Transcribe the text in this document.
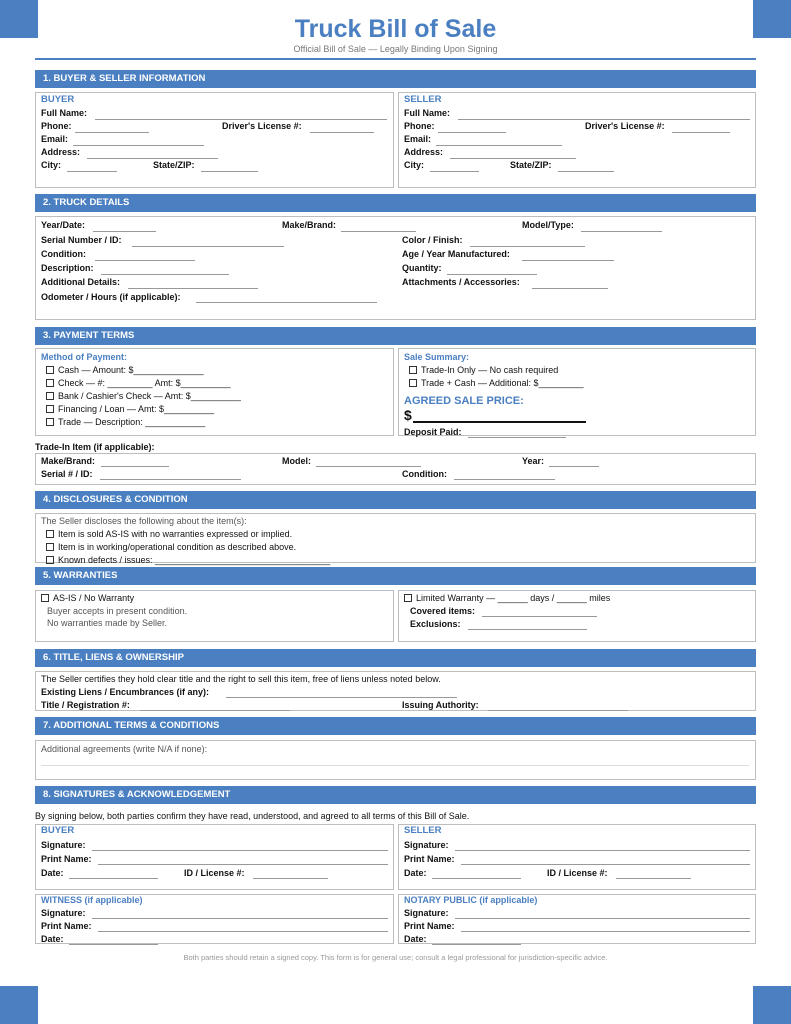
Truck Bill of Sale
Official Bill of Sale — Legally Binding Upon Signing
1. BUYER & SELLER INFORMATION
BUYER
Full Name:
Phone:	Driver's License #:
Email:
Address:
City:	State/ZIP:
SELLER
Full Name:
Phone:	Driver's License #:
Email:
Address:
City:	State/ZIP:
2. TRUCK DETAILS
Year/Date:	Make/Brand:	Model/Type:
Serial Number / ID:	Color / Finish:
Condition:	Age / Year Manufactured:
Description:	Quantity:
Additional Details:	Attachments / Accessories:
Odometer / Hours (if applicable):
3. PAYMENT TERMS
Method of Payment:
Cash — Amount: $______________
Check — #: _________ Amt: $__________
Bank / Cashier's Check — Amt: $__________
Financing / Loan — Amt: $__________
Trade — Description: ____________
Sale Summary:
Trade-In Only — No cash required
Trade + Cash — Additional: $_________
AGREED SALE PRICE:
$
Deposit Paid:
Trade-In Item (if applicable):
Make/Brand:	Model:	Year:
Serial # / ID:	Condition:
4. DISCLOSURES & CONDITION
The Seller discloses the following about the item(s):
Item is sold AS-IS with no warranties expressed or implied.
Item is in working/operational condition as described above.
Known defects / issues: ___________________________________
5. WARRANTIES
AS-IS / No Warranty
Buyer accepts in present condition.
No warranties made by Seller.
Limited Warranty — ______ days / ______ miles
Covered items:
Exclusions:
6. TITLE, LIENS & OWNERSHIP
The Seller certifies they hold clear title and the right to sell this item, free of liens unless noted below.
Existing Liens / Encumbrances (if any):
Title / Registration #:	Issuing Authority:
7. ADDITIONAL TERMS & CONDITIONS
Additional agreements (write N/A if none):
8. SIGNATURES & ACKNOWLEDGEMENT
By signing below, both parties confirm they have read, understood, and agreed to all terms of this Bill of Sale.
BUYER
Signature:
Print Name:
Date:	ID / License #:
SELLER
Signature:
Print Name:
Date:	ID / License #:
WITNESS (if applicable)
Signature:
Print Name:
Date:
NOTARY PUBLIC (if applicable)
Signature:
Print Name:
Date:
Both parties should retain a signed copy. This form is for general use; consult a legal professional for jurisdiction-specific advice.
